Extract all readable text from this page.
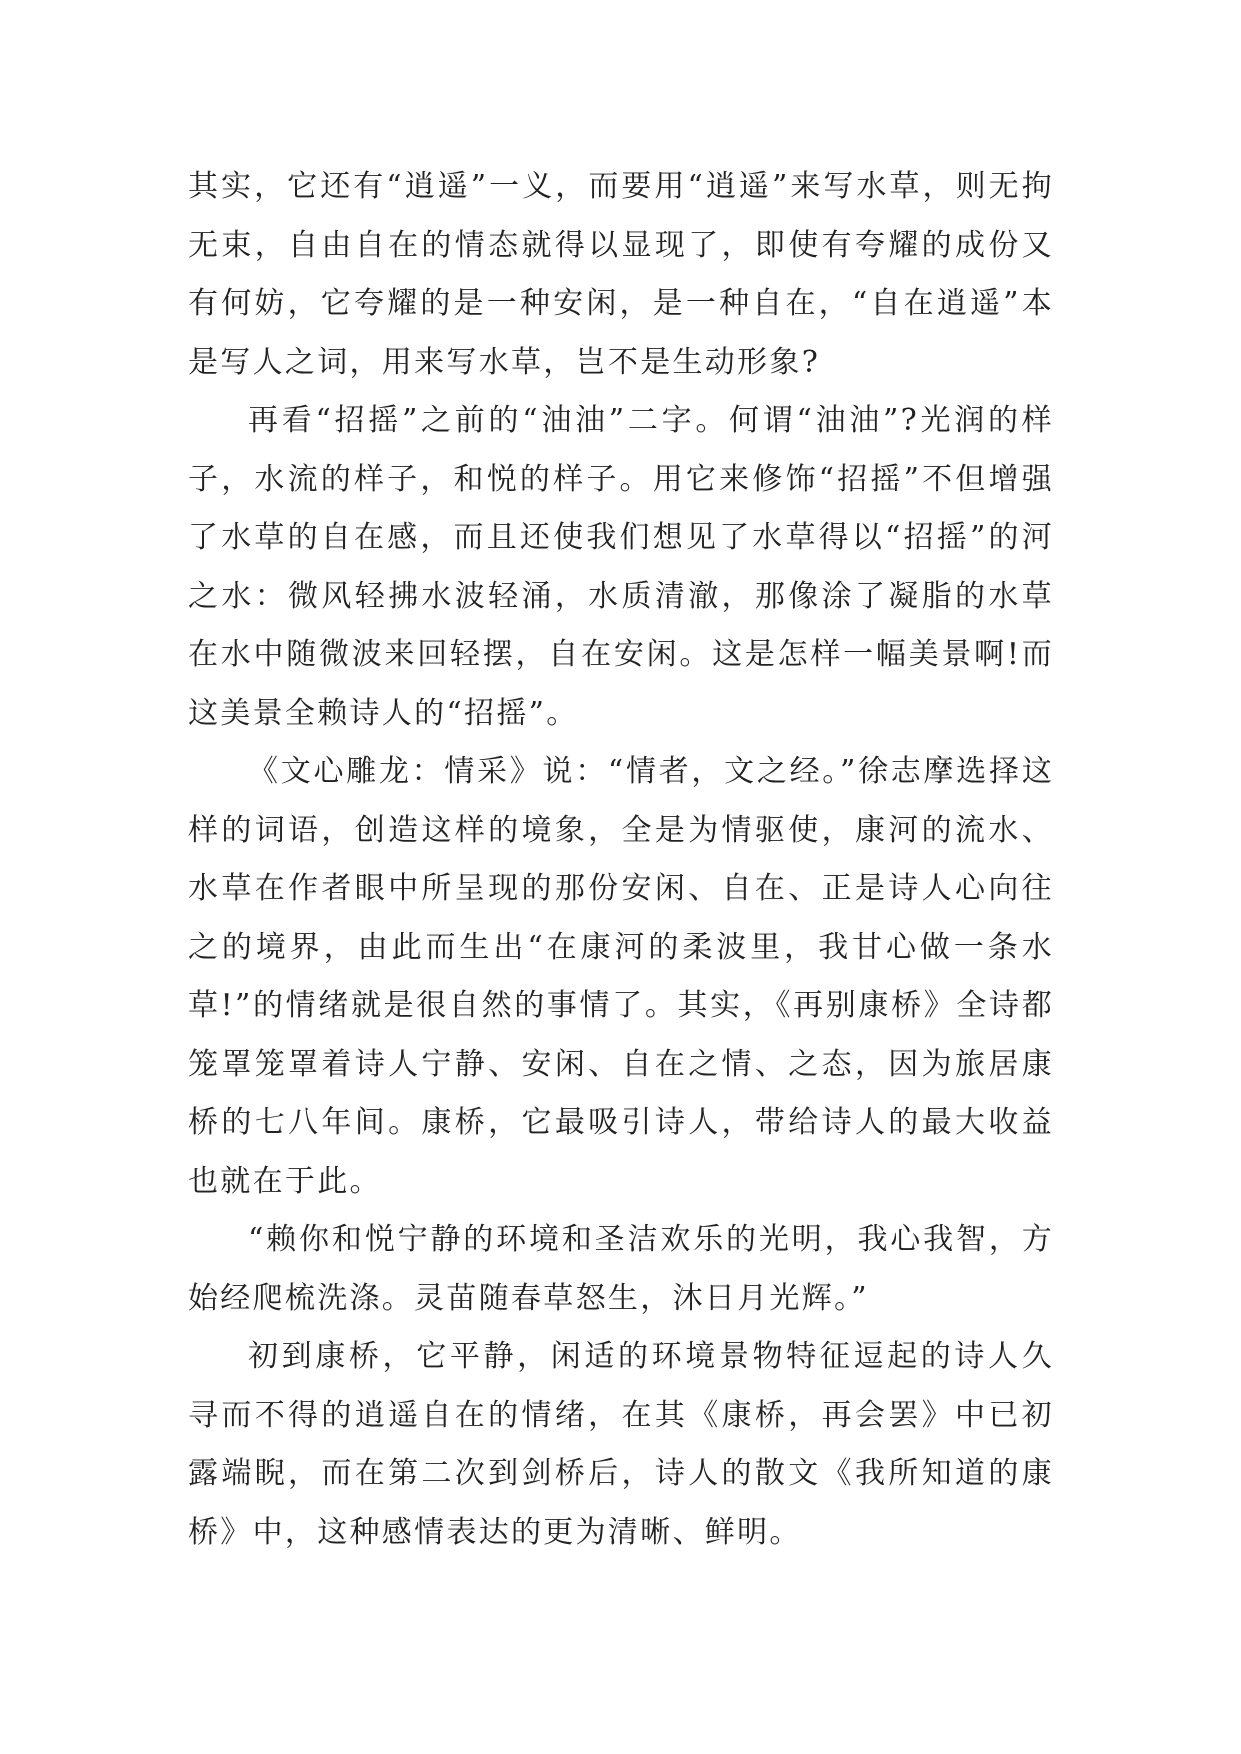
其实，它还有“逍遥”一义，而要用“逍遥”来写水草，则无拘无束，自由自在的情态就得以显现了，即使有夸耀的成份又有何妨，它夸耀的是一种安闲，是一种自在，“自在逍遥”本是写人之词，用来写水草，岂不是生动形象?

再看“招摇”之前的“油油”二字。何谓“油油”?光润的样子，水流的样子，和悦的样子。用它来修饰“招摇”不但增强了水草的自在感，而且还使我们想见了水草得以“招摇”的河之水：微风轻拂水波轻涌，水质清澈，那像涂了凝脂的水草在水中随微波来回轻摆，自在安闲。这是怎样一幅美景啊!而这美景全赖诗人的“招摇”。

《文心雕龙：情采》说：“情者，文之经。”徐志摩选择这样的词语，创造这样的境象，全是为情驱使，康河的流水、水草在作者眼中所呈现的那份安闲、自在、正是诗人心向往之的境界，由此而生出“在康河的柔波里，我甘心做一条水草!”的情绪就是很自然的事情了。其实，《再别康桥》全诗都笼罩笼罩着诗人宁静、安闲、自在之情、之态，因为旅居康桥的七八年间。康桥，它最吸引诗人，带给诗人的最大收益也就在于此。

“赖你和悦宁静的环境和圣洁欢乐的光明，我心我智，方始经爬梳洗涤。灵苗随春草怒生，沐日月光辉。”

初到康桥，它平静，闲适的环境景物特征逗起的诗人久寻而不得的逍遥自在的情绪，在其《康桥，再会罢》中已初露端睨，而在第二次到剑桥后，诗人的散文《我所知道的康桥》中，这种感情表达的更为清晰、鲜明。
